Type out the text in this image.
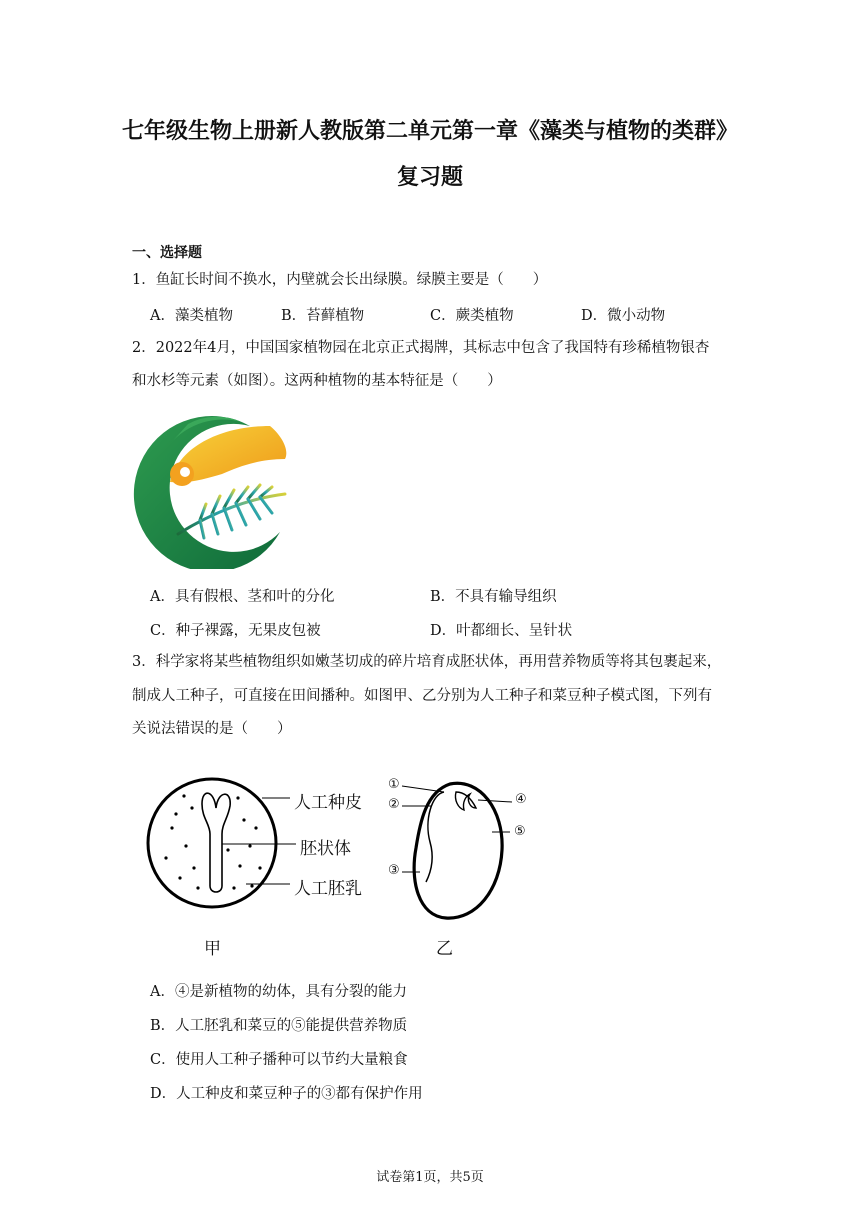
七年级生物上册新人教版第二单元第一章《藻类与植物的类群》
复习题
一、选择题
1．鱼缸长时间不换水，内壁就会长出绿膜。绿膜主要是（　　）
A．藻类植物	B．苔藓植物	C．蕨类植物	D．微小动物
2．2022年4月，中国国家植物园在北京正式揭牌，其标志中包含了我国特有珍稀植物银杏
和水杉等元素（如图）。这两种植物的基本特征是（　　）
A．具有假根、茎和叶的分化	B．不具有输导组织
C．种子裸露，无果皮包被	D．叶都细长、呈针状
3．科学家将某些植物组织如嫩茎切成的碎片培育成胚状体，再用营养物质等将其包裹起来，
制成人工种子，可直接在田间播种。如图甲、乙分别为人工种子和菜豆种子模式图，下列有
关说法错误的是（　　）
人工种皮
胚状体
人工胚乳
甲
①
②
③
④
⑤
乙
A．④是新植物的幼体，具有分裂的能力
B．人工胚乳和菜豆的⑤能提供营养物质
C．使用人工种子播种可以节约大量粮食
D．人工种皮和菜豆种子的③都有保护作用
试卷第1页，共5页
